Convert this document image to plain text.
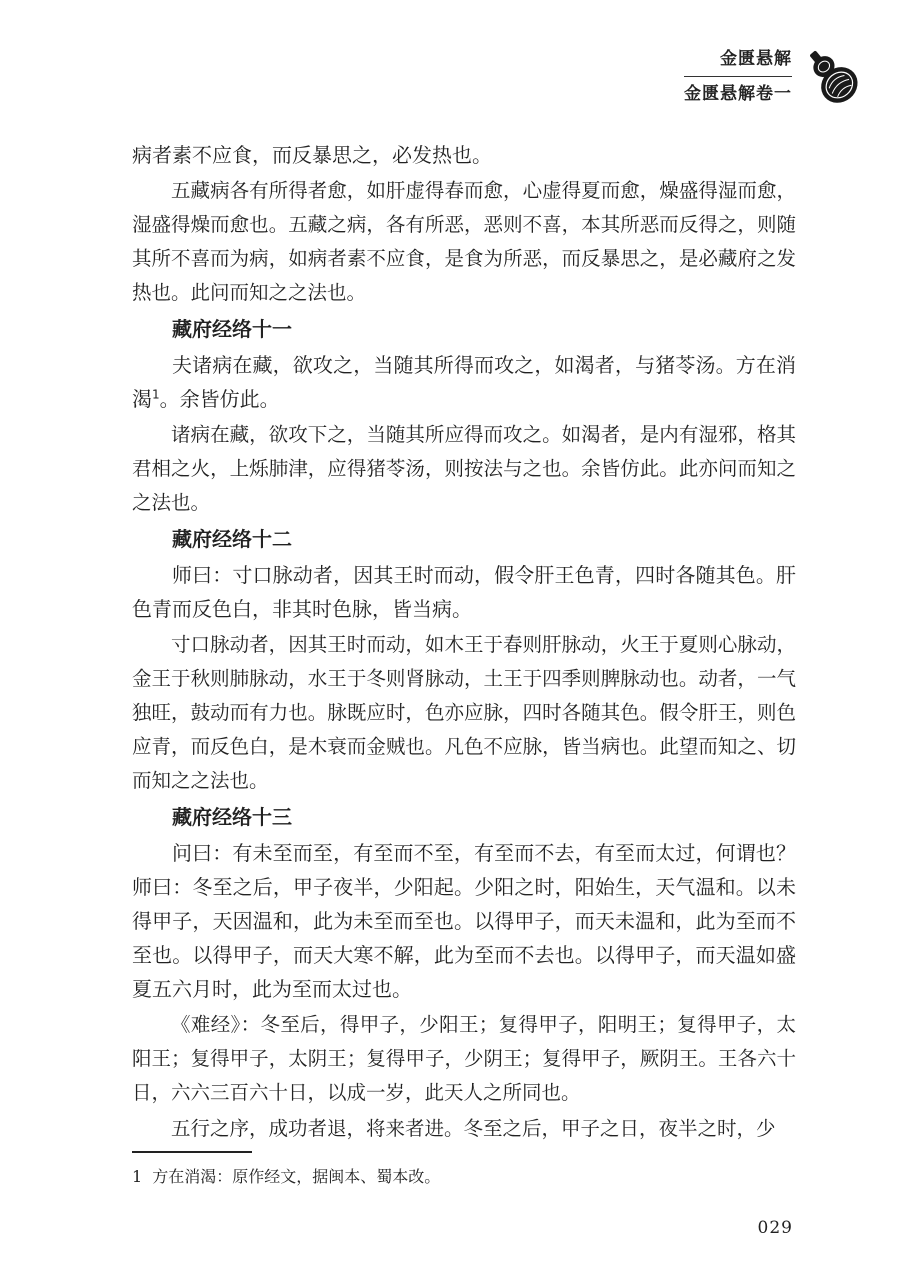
金匮悬解
金匮悬解卷一

病者素不应食，而反暴思之，必发热也。

五藏病各有所得者愈，如肝虚得春而愈，心虚得夏而愈，燥盛得湿而愈，湿盛得燥而愈也。五藏之病，各有所恶，恶则不喜，本其所恶而反得之，则随其所不喜而为病，如病者素不应食，是食为所恶，而反暴思之，是必藏府之发热也。此问而知之之法也。

藏府经络十一

夫诸病在藏，欲攻之，当随其所得而攻之，如渴者，与猪苓汤。方在消渴$^1$。余皆仿此。

诸病在藏，欲攻下之，当随其所应得而攻之。如渴者，是内有湿邪，格其君相之火，上烁肺津，应得猪苓汤，则按法与之也。余皆仿此。此亦问而知之之法也。

藏府经络十二

师曰：寸口脉动者，因其王时而动，假令肝王色青，四时各随其色。肝色青而反色白，非其时色脉，皆当病。

寸口脉动者，因其王时而动，如木王于春则肝脉动，火王于夏则心脉动，金王于秋则肺脉动，水王于冬则肾脉动，土王于四季则脾脉动也。动者，一气独旺，鼓动而有力也。脉既应时，色亦应脉，四时各随其色。假令肝王，则色应青，而反色白，是木衰而金贼也。凡色不应脉，皆当病也。此望而知之、切而知之之法也。

藏府经络十三

问曰：有未至而至，有至而不至，有至而不去，有至而太过，何谓也？师曰：冬至之后，甲子夜半，少阳起。少阳之时，阳始生，天气温和。以未得甲子，天因温和，此为未至而至也。以得甲子，而天未温和，此为至而不至也。以得甲子，而天大寒不解，此为至而不去也。以得甲子，而天温如盛夏五六月时，此为至而太过也。

《难经》：冬至后，得甲子，少阳王；复得甲子，阳明王；复得甲子，太阳王；复得甲子，太阴王；复得甲子，少阴王；复得甲子，厥阴王。王各六十日，六六三百六十日，以成一岁，此天人之所同也。

五行之序，成功者退，将来者进。冬至之后，甲子之日，夜半之时，少

1 方在消渴：原作经文，据闽本、蜀本改。
029
